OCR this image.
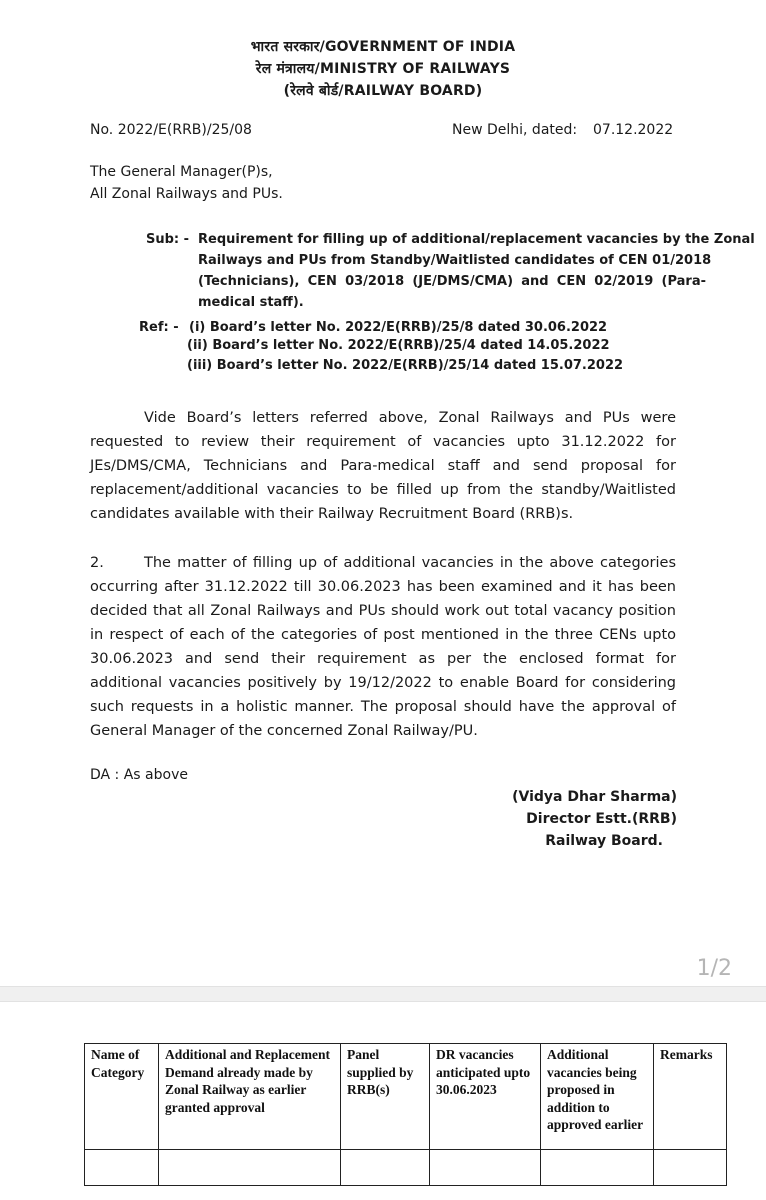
भारत सरकार/GOVERNMENT OF INDIA
रेल मंत्रालय/MINISTRY OF RAILWAYS
(रेलवे बोर्ड/RAILWAY BOARD)
No. 2022/E(RRB)/25/08	New Delhi, dated: 07.12.2022
The General Manager(P)s,
All Zonal Railways and PUs.
Sub: - Requirement for filling up of additional/replacement vacancies by the Zonal
Railways and PUs from Standby/Waitlisted candidates of CEN 01/2018
(Technicians), CEN 03/2018 (JE/DMS/CMA) and CEN 02/2019 (Para-
medical staff).
Ref: - (i) Board’s letter No. 2022/E(RRB)/25/8 dated 30.06.2022
(ii) Board’s letter No. 2022/E(RRB)/25/4 dated 14.05.2022
(iii) Board’s letter No. 2022/E(RRB)/25/14 dated 15.07.2022
Vide Board’s letters referred above, Zonal Railways and PUs were requested to review their requirement of vacancies upto 31.12.2022 for JEs/DMS/CMA, Technicians and Para-medical staff and send proposal for replacement/additional vacancies to be filled up from the standby/Waitlisted candidates available with their Railway Recruitment Board (RRB)s.
2.	The matter of filling up of additional vacancies in the above categories occurring after 31.12.2022 till 30.06.2023 has been examined and it has been decided that all Zonal Railways and PUs should work out total vacancy position in respect of each of the categories of post mentioned in the three CENs upto 30.06.2023 and send their requirement as per the enclosed format for additional vacancies positively by 19/12/2022 to enable Board for considering such requests in a holistic manner. The proposal should have the approval of General Manager of the concerned Zonal Railway/PU.
DA : As above
(Vidya Dhar Sharma)
Director Estt.(RRB)
Railway Board.
1/2
Name of Category	Additional and Replacement Demand already made by Zonal Railway as earlier granted approval	Panel supplied by RRB(s)	DR vacancies anticipated upto 30.06.2023	Additional vacancies being proposed in addition to approved earlier	Remarks
